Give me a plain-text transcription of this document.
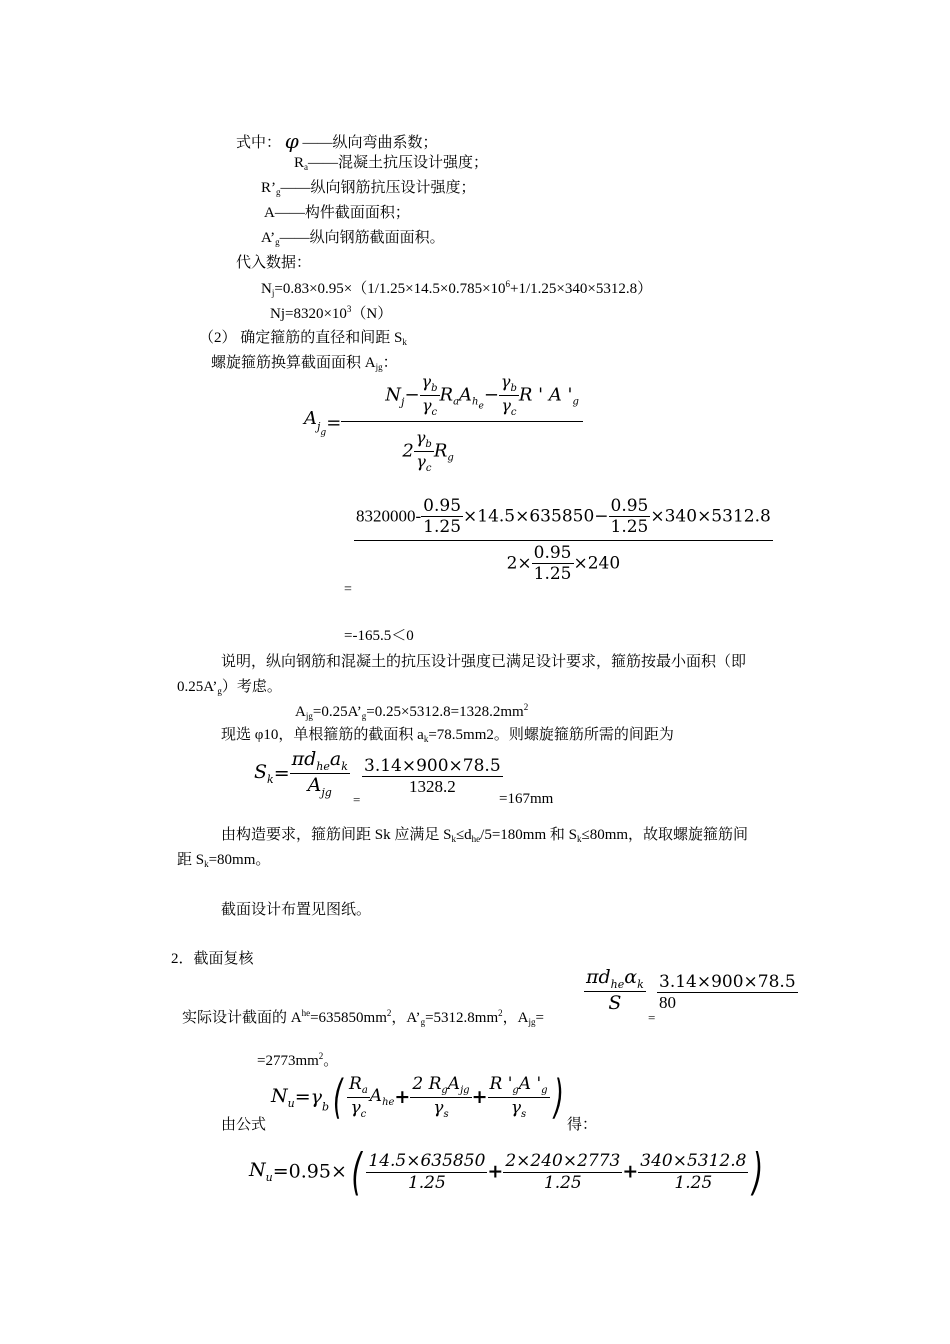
式中： φ ——纵向弯曲系数；
$R_a——$混凝土抗压设计强度；
$R’_g——$纵向钢筋抗压设计强度；
A——构件截面面积；
$A’_g——$纵向钢筋截面面积。
代入数据：
$N_j=0.83\times 0.95\times(1/1.25\times 14.5\times 0.785\times 10^6+1/1.25\times 340\times 5312.8)$
$Nj=8320\times 10^3(N)$
（2） 确定箍筋的直径和间距 $S_k$
螺旋箍筋换算截面面积 $A_{jg}$：
$A_{j_g}= \frac{N_j- \frac{\gamma_b}{\gamma_c} R_aA_{he}- \frac{\gamma_b}{\gamma_c} R ' A '_g}{2 \frac{\gamma_b}{\gamma_c} R_g}$
$\frac{8320000- \frac{0.95}{1.25} \times 14.5\times 635850- \frac{0.95}{1.25} \times 340\times 5312.8}{2\times \frac{0.95}{1.25} \times 240}$
=
=-165.5＜0
说明，纵向钢筋和混凝土的抗压设计强度已满足设计要求，箍筋按最小面积（即
$0.25A’_g$）考虑。
$A_{jg}=0.25A’_g=0.25\times 5312.8=1328.2mm^2$
现选 φ10，单根箍筋的截面积 $a_k=78.5mm2$。则螺旋箍筋所需的间距为
$S_k= \frac{\pi d_{he}a_k}{A_{jg}} \frac{3.14\times 900\times 78.5}{1328.2}$
=	=167mm
由构造要求，箍筋间距 Sk 应满足 $S_k\le d_{he}/5=180mm$ 和 $S_k\le 80mm$，故取螺旋箍筋间
距 $S_k=80mm$。
截面设计布置见图纸。
2．截面复核
$\frac{\pi d_{he}\alpha_k}{S} \frac{3.14\times 900\times 78.5}{80}$
实际设计截面的 $A^{he}=635850mm^2$，$A’_g=5312.8mm^2$，$A_{jg}=$	=
$=2773mm^2$。
由公式
$N_u=\gamma_b( \frac{R_a}{\gamma_c} A_{he}+ \frac{2 R_gA_{jg}}{\gamma_s} + \frac{R '_gA '_g}{\gamma_s}$ )
得：
$N_u=0.95\times( \frac{14.5\times 635850}{1.25} + \frac{2\times 240\times 2773}{1.25} + \frac{340\times 5312.8}{1.25}$ )
